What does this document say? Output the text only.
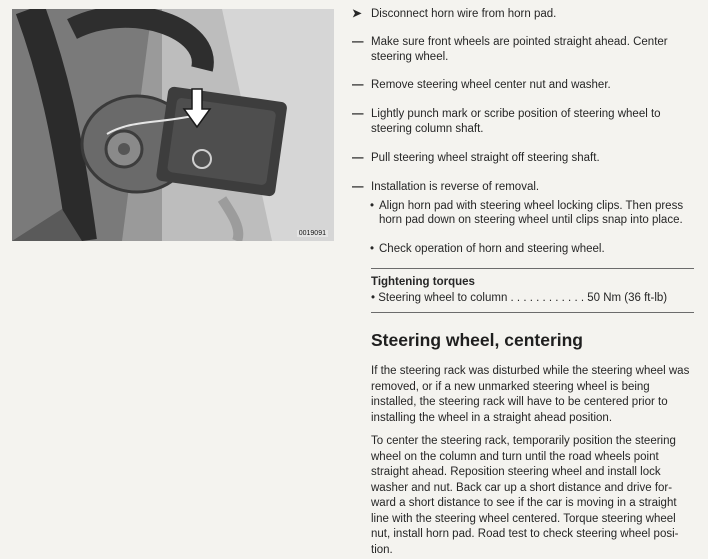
0019091
➤ Disconnect horn wire from horn pad.
— Make sure front wheels are pointed straight ahead. Center steering wheel.
— Remove steering wheel center nut and washer.
— Lightly punch mark or scribe position of steering wheel to steering column shaft.
— Pull steering wheel straight off steering shaft.
— Installation is reverse of removal.
• Align horn pad with steering wheel locking clips. Then press horn pad down on steering wheel until clips snap into place.
• Check operation of horn and steering wheel.
Tightening torques
• Steering wheel to column . . . . . . . . . . . . 50 Nm (36 ft-lb)
Steering wheel, centering
If the steering rack was disturbed while the steering wheel was removed, or if a new unmarked steering wheel is being installed, the steering rack will have to be centered prior to installing the wheel in a straight ahead position.
To center the steering rack, temporarily position the steering wheel on the column and turn until the road wheels point straight ahead. Reposition steering wheel and install lock washer and nut. Back car up a short distance and drive for-ward a short distance to see if the car is moving in a straight line with the steering wheel centered. Torque steering wheel nut, install horn pad. Road test to check steering wheel posi-tion.
